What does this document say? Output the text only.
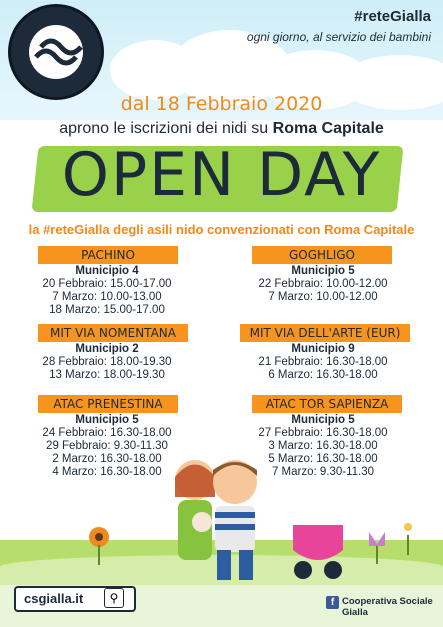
#reteGialla
ogni giorno, al servizio dei bambini
dal 18 Febbraio 2020
aprono le iscrizioni dei nidi su Roma Capitale
OPEN DAY
la #reteGialla degli asili nido convenzionati con Roma Capitale
PACHINO
Municipio 4
20 Febbraio: 15.00-17.00
7 Marzo: 10.00-13.00
18 Marzo: 15.00-17.00
MIT VIA NOMENTANA
Municipio 2
28 Febbraio: 18.00-19.30
13 Marzo: 18.00-19.30
ATAC PRENESTINA
Municipio 5
24 Febbraio: 16.30-18.00
29 Febbraio: 9.30-11.30
2 Marzo: 16.30-18.00
4 Marzo: 16.30-18.00
GOGHLIGO
Municipio 5
22 Febbraio: 10.00-12.00
7 Marzo: 10.00-12.00
MIT VIA DELL'ARTE (EUR)
Municipio 9
21 Febbraio: 16.30-18.00
6 Marzo: 16.30-18.00
ATAC TOR SAPIENZA
Municipio 5
27 Febbraio: 16.30-18.00
3 Marzo: 16.30-18.00
5 Marzo: 16.30-18.00
7 Marzo: 9.30-11.30
csgialla.it	⚲	f Cooperativa Sociale Gialla
